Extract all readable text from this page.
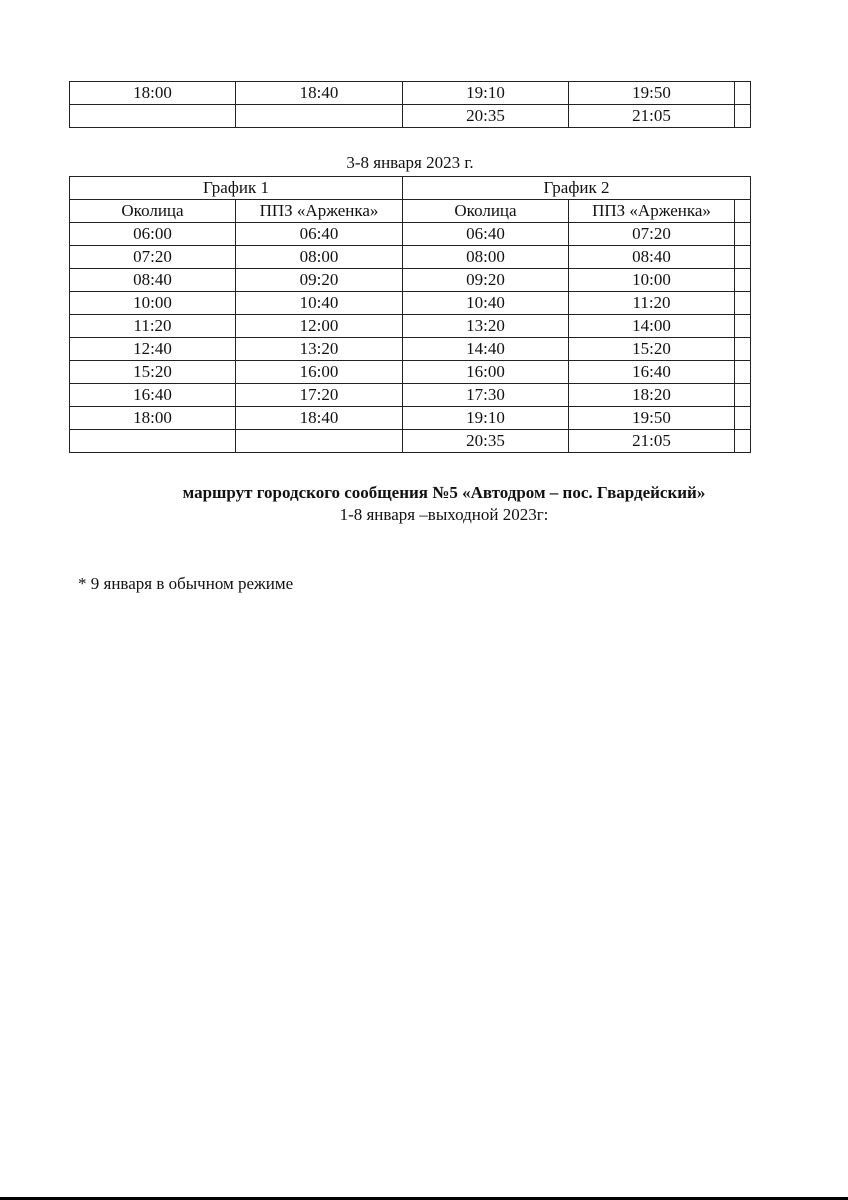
18:00	18:40	19:10	19:50	
		20:35	21:05	
3-8 января 2023 г.
График 1		График 2		
Околица	ППЗ «Арженка»	Околица	ППЗ «Арженка»	
06:00	06:40	06:40	07:20	
07:20	08:00	08:00	08:40	
08:40	09:20	09:20	10:00	
10:00	10:40	10:40	11:20	
11:20	12:00	13:20	14:00	
12:40	13:20	14:40	15:20	
15:20	16:00	16:00	16:40	
16:40	17:20	17:30	18:20	
18:00	18:40	19:10	19:50	
		20:35	21:05	
маршрут городского сообщения №5 «Автодром – пос. Гвардейский»
1-8 января –выходной 2023г:
* 9 января в обычном режиме
